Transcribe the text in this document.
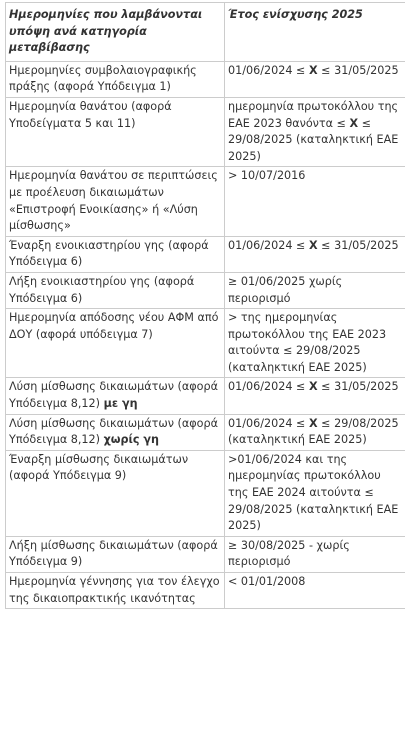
Ημερομηνίες που λαμβάνονται υπόψη ανά κατηγορία μεταβίβασης	Έτος ενίσχυσης 2025
Ημερομηνίες συμβολαιογραφικής πράξης (αφορά Υπόδειγμα 1)	01/06/2024 ≤ X ≤ 31/05/2025
Ημερομηνία θανάτου (αφορά Υποδείγματα 5 και 11)	ημερομηνία πρωτοκόλλου της ΕΑΕ 2023 θανόντα ≤ X ≤ 29/08/2025 (καταληκτική ΕΑΕ 2025)
Ημερομηνία θανάτου σε περιπτώσεις με προέλευση δικαιωμάτων «Επιστροφή Ενοικίασης» ή «Λύση μίσθωσης»	> 10/07/2016
Έναρξη ενοικιαστηρίου γης (αφορά Υπόδειγμα 6)	01/06/2024 ≤ X ≤ 31/05/2025
Λήξη ενοικιαστηρίου γης (αφορά Υπόδειγμα 6)	≥ 01/06/2025 χωρίς περιορισμό
Ημερομηνία απόδοσης νέου ΑΦΜ από ΔΟΥ (αφορά υπόδειγμα 7)	> της ημερομηνίας πρωτοκόλλου της ΕΑΕ 2023 αιτούντα ≤ 29/08/2025 (καταληκτική ΕΑΕ 2025)
Λύση μίσθωσης δικαιωμάτων (αφορά Υπόδειγμα 8,12) με γη	01/06/2024 ≤ X ≤ 31/05/2025
Λύση μίσθωσης δικαιωμάτων (αφορά Υπόδειγμα 8,12) χωρίς γη	01/06/2024 ≤ X ≤ 29/08/2025 (καταληκτική ΕΑΕ 2025)
Έναρξη μίσθωσης δικαιωμάτων (αφορά Υπόδειγμα 9)	>01/06/2024 και της ημερομηνίας πρωτοκόλλου της ΕΑΕ 2024 αιτούντα ≤ 29/08/2025 (καταληκτική ΕΑΕ 2025)
Λήξη μίσθωσης δικαιωμάτων (αφορά Υπόδειγμα 9)	≥ 30/08/2025 - χωρίς περιορισμό
Ημερομηνία γέννησης για τον έλεγχο της δικαιοπρακτικής ικανότητας	< 01/01/2008
